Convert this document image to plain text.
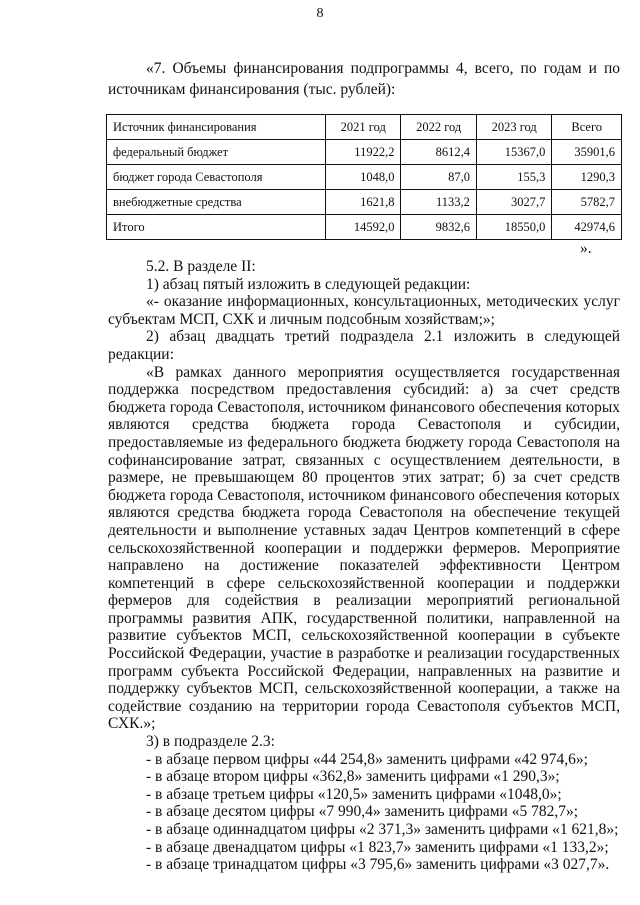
8

«7. Объемы финансирования подпрограммы 4, всего, по годам и по источникам финансирования (тыс. рублей):

Источник финансирования	2021 год	2022 год	2023 год	Всего
федеральный бюджет	11922,2	8612,4	15367,0	35901,6
бюджет города Севастополя	1048,0	87,0	155,3	1290,3
внебюджетные средства	1621,8	1133,2	3027,7	5782,7
Итого	14592,0	9832,6	18550,0	42974,6
».

5.2. В разделе II:

1) абзац пятый изложить в следующей редакции:

«- оказание информационных, консультационных, методических услуг субъектам МСП, СХК и личным подсобным хозяйствам;»;

2) абзац двадцать третий подраздела 2.1 изложить в следующей редакции:

«В рамках данного мероприятия осуществляется государственная поддержка посредством предоставления субсидий: а) за счет средств бюджета города Севастополя, источником финансового обеспечения которых являются средства бюджета города Севастополя и субсидии, предоставляемые из федерального бюджета бюджету города Севастополя на софинансирование затрат, связанных с осуществлением деятельности, в размере, не превышающем 80 процентов этих затрат; б) за счет средств бюджета города Севастополя, источником финансового обеспечения которых являются средства бюджета города Севастополя на обеспечение текущей деятельности и выполнение уставных задач Центров компетенций в сфере сельскохозяйственной кооперации и поддержки фермеров. Мероприятие направлено на достижение показателей эффективности Центром компетенций в сфере сельскохозяйственной кооперации и поддержки фермеров для содействия в реализации мероприятий региональной программы развития АПК, государственной политики, направленной на развитие субъектов МСП, сельскохозяйственной кооперации в субъекте Российской Федерации, участие в разработке и реализации государственных программ субъекта Российской Федерации, направленных на развитие и поддержку субъектов МСП, сельскохозяйственной кооперации, а также на содействие созданию на территории города Севастополя субъектов МСП, СХК.»;

3) в подразделе 2.3:

- в абзаце первом цифры «44 254,8» заменить цифрами «42 974,6»;

- в абзаце втором цифры «362,8» заменить цифрами «1 290,3»;

- в абзаце третьем цифры «120,5» заменить цифрами «1048,0»;

- в абзаце десятом цифры «7 990,4» заменить цифрами «5 782,7»;

- в абзаце одиннадцатом цифры «2 371,3» заменить цифрами «1 621,8»;

- в абзаце двенадцатом цифры «1 823,7» заменить цифрами «1 133,2»;

- в абзаце тринадцатом цифры «3 795,6» заменить цифрами «3 027,7».
